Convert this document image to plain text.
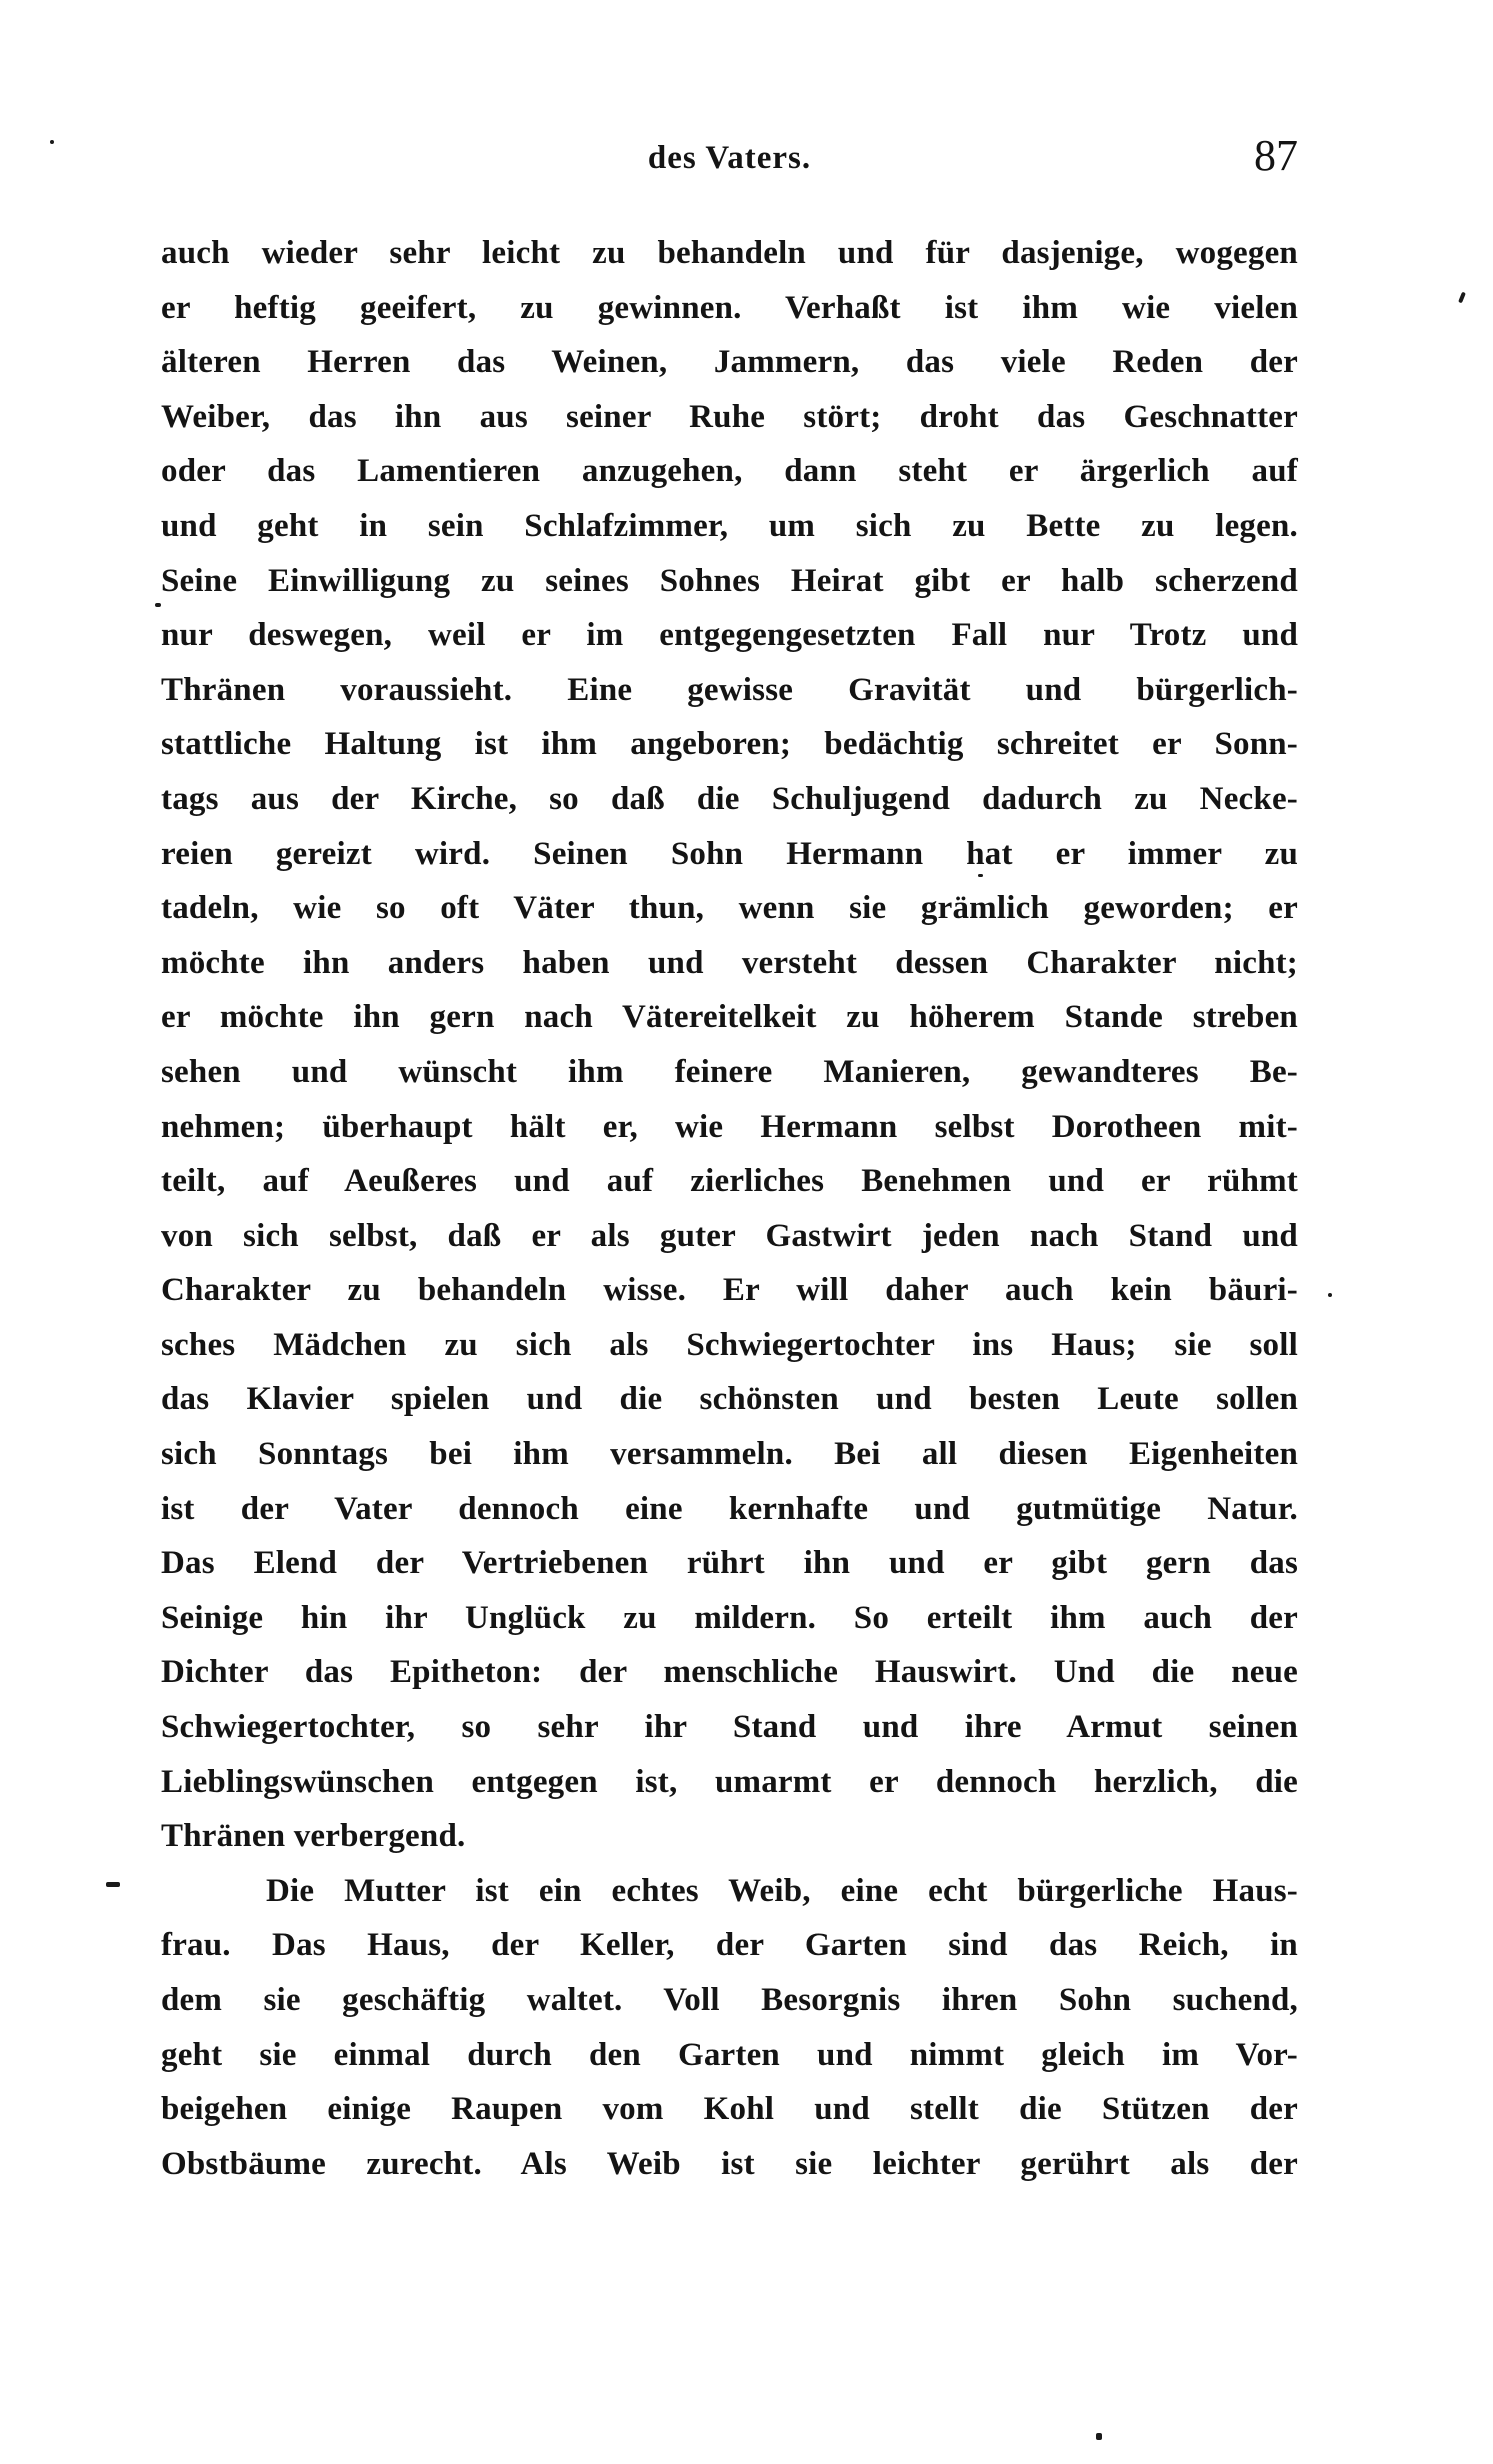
des Vaters.	87
auch wieder sehr leicht zu behandeln und für dasjenige, wogegen
er heftig geeifert, zu gewinnen. Verhaßt ist ihm wie vielen
älteren Herren das Weinen, Jammern, das viele Reden der
Weiber, das ihn aus seiner Ruhe stört; droht das Geschnatter
oder das Lamentieren anzugehen, dann steht er ärgerlich auf
und geht in sein Schlafzimmer, um sich zu Bette zu legen.
Seine Einwilligung zu seines Sohnes Heirat gibt er halb scherzend
nur deswegen, weil er im entgegengesetzten Fall nur Trotz und
Thränen voraussieht. Eine gewisse Gravität und bürgerlich-
stattliche Haltung ist ihm angeboren; bedächtig schreitet er Sonn-
tags aus der Kirche, so daß die Schuljugend dadurch zu Necke-
reien gereizt wird. Seinen Sohn Hermann hat er immer zu
tadeln, wie so oft Väter thun, wenn sie grämlich geworden; er
möchte ihn anders haben und versteht dessen Charakter nicht;
er möchte ihn gern nach Vätereitelkeit zu höherem Stande streben
sehen und wünscht ihm feinere Manieren, gewandteres Be-
nehmen; überhaupt hält er, wie Hermann selbst Dorotheen mit-
teilt, auf Aeußeres und auf zierliches Benehmen und er rühmt
von sich selbst, daß er als guter Gastwirt jeden nach Stand und
Charakter zu behandeln wisse. Er will daher auch kein bäuri-
sches Mädchen zu sich als Schwiegertochter ins Haus; sie soll
das Klavier spielen und die schönsten und besten Leute sollen
sich Sonntags bei ihm versammeln. Bei all diesen Eigenheiten
ist der Vater dennoch eine kernhafte und gutmütige Natur.
Das Elend der Vertriebenen rührt ihn und er gibt gern das
Seinige hin ihr Unglück zu mildern. So erteilt ihm auch der
Dichter das Epitheton: der menschliche Hauswirt. Und die neue
Schwiegertochter, so sehr ihr Stand und ihre Armut seinen
Lieblingswünschen entgegen ist, umarmt er dennoch herzlich, die
Thränen verbergend.
Die Mutter ist ein echtes Weib, eine echt bürgerliche Haus-
frau. Das Haus, der Keller, der Garten sind das Reich, in
dem sie geschäftig waltet. Voll Besorgnis ihren Sohn suchend,
geht sie einmal durch den Garten und nimmt gleich im Vor-
beigehen einige Raupen vom Kohl und stellt die Stützen der
Obstbäume zurecht. Als Weib ist sie leichter gerührt als der
